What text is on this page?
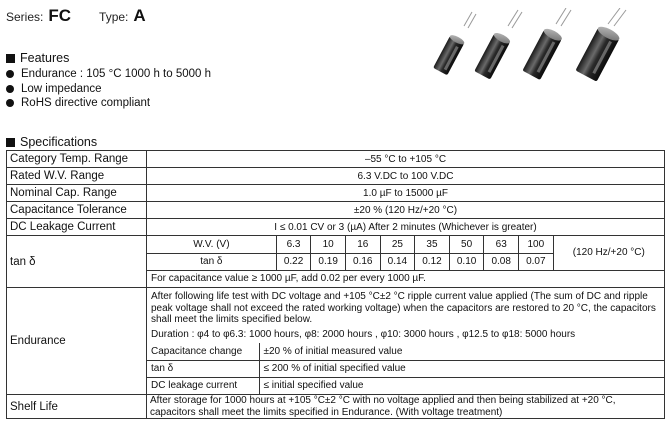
Series: FC Type: A
Features
Endurance : 105 °C 1000 h to 5000 h
Low impedance
RoHS directive compliant
Specifications
Category Temp. Range	–55 °C to +105 °C
Rated W.V. Range	6.3 V.DC to 100 V.DC
Nominal Cap. Range	1.0 µF to 15000 µF
Capacitance Tolerance	±20 % (120 Hz/+20 °C)
DC Leakage Current	I ≤ 0.01 CV or 3 (µA) After 2 minutes (Whichever is greater)
tan δ	
W.V. (V)	6.3	10	16	25	35	50	63	100	(120 Hz/+20 °C)
tan δ	0.22	0.19	0.16	0.14	0.12	0.10	0.08	0.07
For capacitance value ≥ 1000 µF, add 0.02 per every 1000 µF.

Endurance	
After following life test with DC voltage and +105 °C±2 °C ripple current value applied (The sum of DC and ripple peak voltage shall not exceed the rated working voltage) when the capacitors are restored to 20 °C, the capacitors shall meet the limits specified below.
Duration : φ4 to φ6.3: 1000 hours, φ8: 2000 hours , φ10: 3000 hours , φ12.5 to φ18: 5000 hours
Capacitance change	±20 % of initial measured value
tan δ	≤ 200 % of initial specified value
DC leakage current	≤ initial specified value

Shelf Life	After storage for 1000 hours at +105 °C±2 °C with no voltage applied and then being stabilized at +20 °C, capacitors shall meet the limits specified in Endurance. (With voltage treatment)
